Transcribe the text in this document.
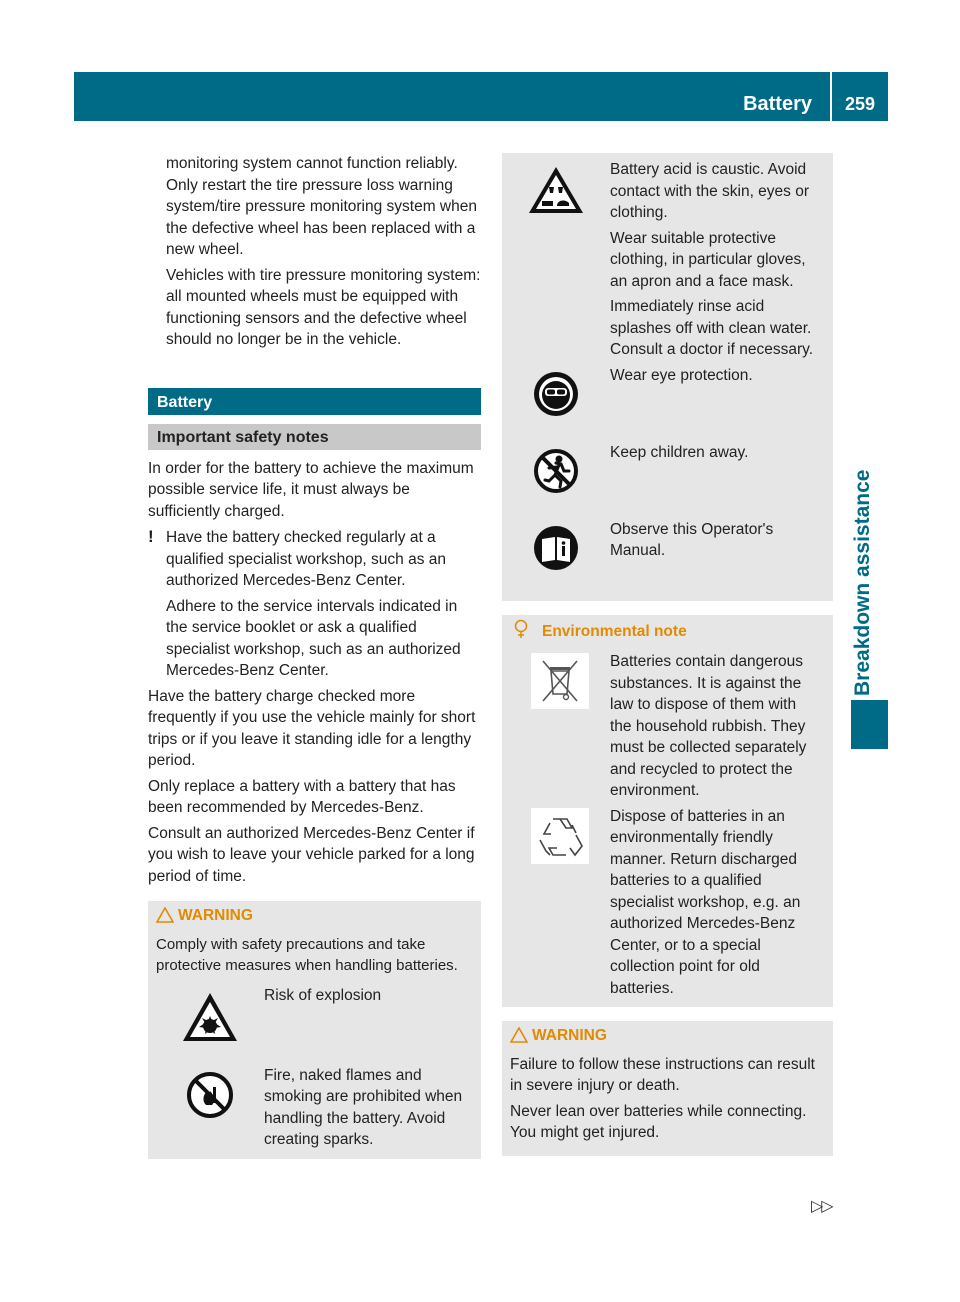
Battery	259
Breakdown assistance

monitoring system cannot function reliably. Only restart the tire pressure loss warning system/tire pressure monitoring system when the defective wheel has been replaced with a new wheel.

Vehicles with tire pressure monitoring system: all mounted wheels must be equipped with functioning sensors and the defective wheel should no longer be in the vehicle.

Battery
Important safety notes

In order for the battery to achieve the maximum possible service life, it must always be sufficiently charged.

! Have the battery checked regularly at a qualified specialist workshop, such as an authorized Mercedes-Benz Center.

Adhere to the service intervals indicated in the service booklet or ask a qualified specialist workshop, such as an authorized Mercedes-Benz Center.

Have the battery charge checked more frequently if you use the vehicle mainly for short trips or if you leave it standing idle for a lengthy period.

Only replace a battery with a battery that has been recommended by Mercedes-Benz.

Consult an authorized Mercedes-Benz Center if you wish to leave your vehicle parked for a long period of time.

WARNING

Comply with safety precautions and take protective measures when handling batteries.

Risk of explosion
Fire, naked flames and smoking are prohibited when handling the battery. Avoid creating sparks.

Battery acid is caustic. Avoid contact with the skin, eyes or clothing.

Wear suitable protective clothing, in particular gloves, an apron and a face mask.

Immediately rinse acid splashes off with clean water. Consult a doctor if necessary.

Wear eye protection.
Keep children away.
Observe this Operator's Manual.
Environmental note
Batteries contain dangerous substances. It is against the law to dispose of them with the household rubbish. They must be collected separately and recycled to protect the environment.
Dispose of batteries in an environmentally friendly manner. Return discharged batteries to a qualified specialist workshop, e.g. an authorized Mercedes-Benz Center, or to a special collection point for old batteries.
WARNING

Failure to follow these instructions can result in severe injury or death.

Never lean over batteries while connecting. You might get injured.

▷▷
